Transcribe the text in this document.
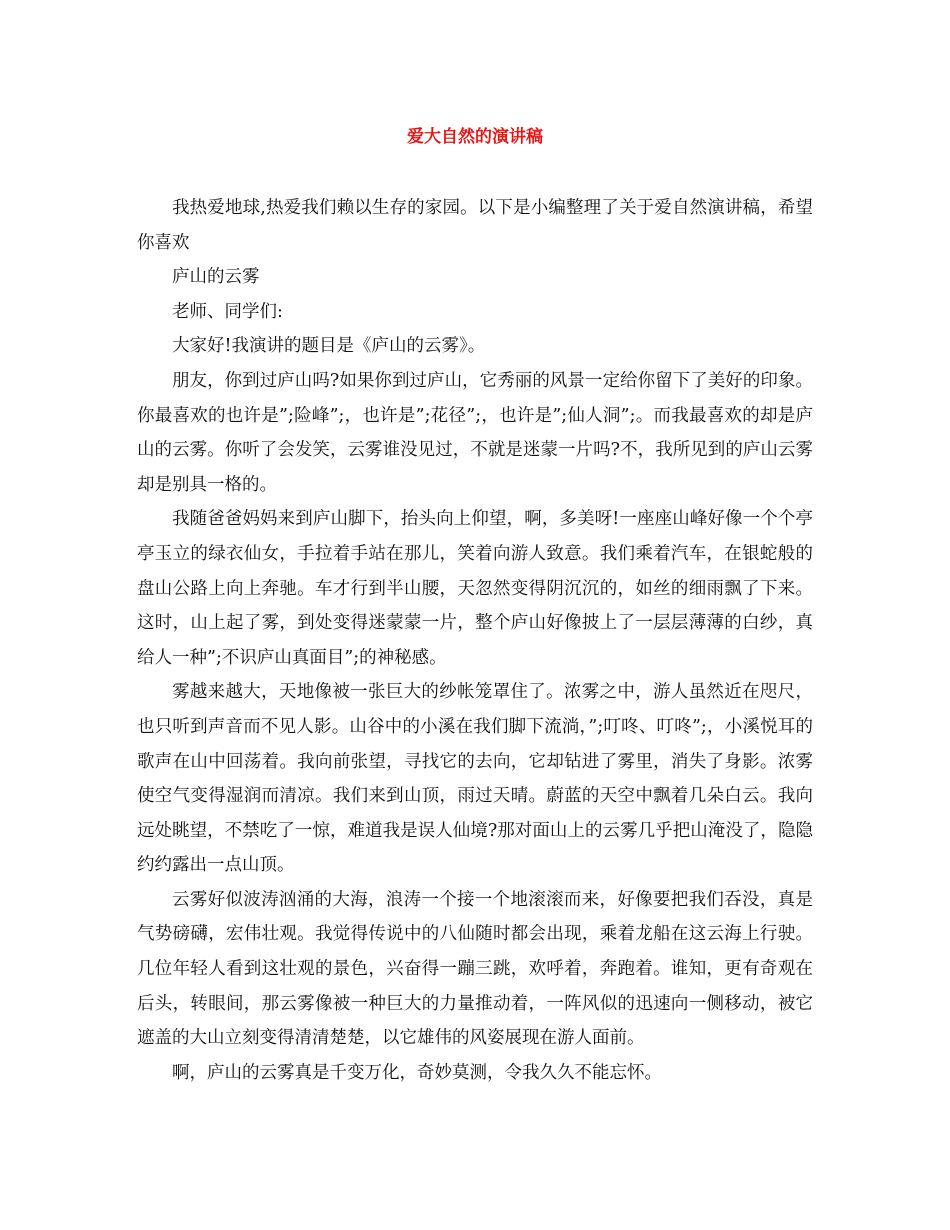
爱大自然的演讲稿

我热爱地球,热爱我们赖以生存的家园。以下是小编整理了关于爱自然演讲稿，希望你喜欢

庐山的云雾

老师、同学们:

大家好!我演讲的题目是《庐山的云雾》。

朋友，你到过庐山吗?如果你到过庐山，它秀丽的风景一定给你留下了美好的印象。你最喜欢的也许是”;险峰”;，也许是”;花径”;，也许是”;仙人洞”;。而我最喜欢的却是庐山的云雾。你听了会发笑，云雾谁没见过，不就是迷蒙一片吗?不，我所见到的庐山云雾却是别具一格的。

我随爸爸妈妈来到庐山脚下，抬头向上仰望，啊，多美呀!一座座山峰好像一个个亭亭玉立的绿衣仙女，手拉着手站在那儿，笑着向游人致意。我们乘着汽车，在银蛇般的盘山公路上向上奔驰。车才行到半山腰，天忽然变得阴沉沉的，如丝的细雨飘了下来。这时，山上起了雾，到处变得迷蒙蒙一片，整个庐山好像披上了一层层薄薄的白纱，真给人一种”;不识庐山真面目”;的神秘感。

雾越来越大，天地像被一张巨大的纱帐笼罩住了。浓雾之中，游人虽然近在咫尺，也只听到声音而不见人影。山谷中的小溪在我们脚下流淌，”;叮咚、叮咚”;，小溪悦耳的歌声在山中回荡着。我向前张望，寻找它的去向，它却钻进了雾里，消失了身影。浓雾使空气变得湿润而清凉。我们来到山顶，雨过天晴。蔚蓝的天空中飘着几朵白云。我向远处眺望，不禁吃了一惊，难道我是误人仙境?那对面山上的云雾几乎把山淹没了，隐隐约约露出一点山顶。

云雾好似波涛汹涌的大海，浪涛一个接一个地滚滚而来，好像要把我们吞没，真是气势磅礴，宏伟壮观。我觉得传说中的八仙随时都会出现，乘着龙船在这云海上行驶。几位年轻人看到这壮观的景色，兴奋得一蹦三跳，欢呼着，奔跑着。谁知，更有奇观在后头，转眼间，那云雾像被一种巨大的力量推动着，一阵风似的迅速向一侧移动，被它遮盖的大山立刻变得清清楚楚，以它雄伟的风姿展现在游人面前。

啊，庐山的云雾真是千变万化，奇妙莫测，令我久久不能忘怀。
